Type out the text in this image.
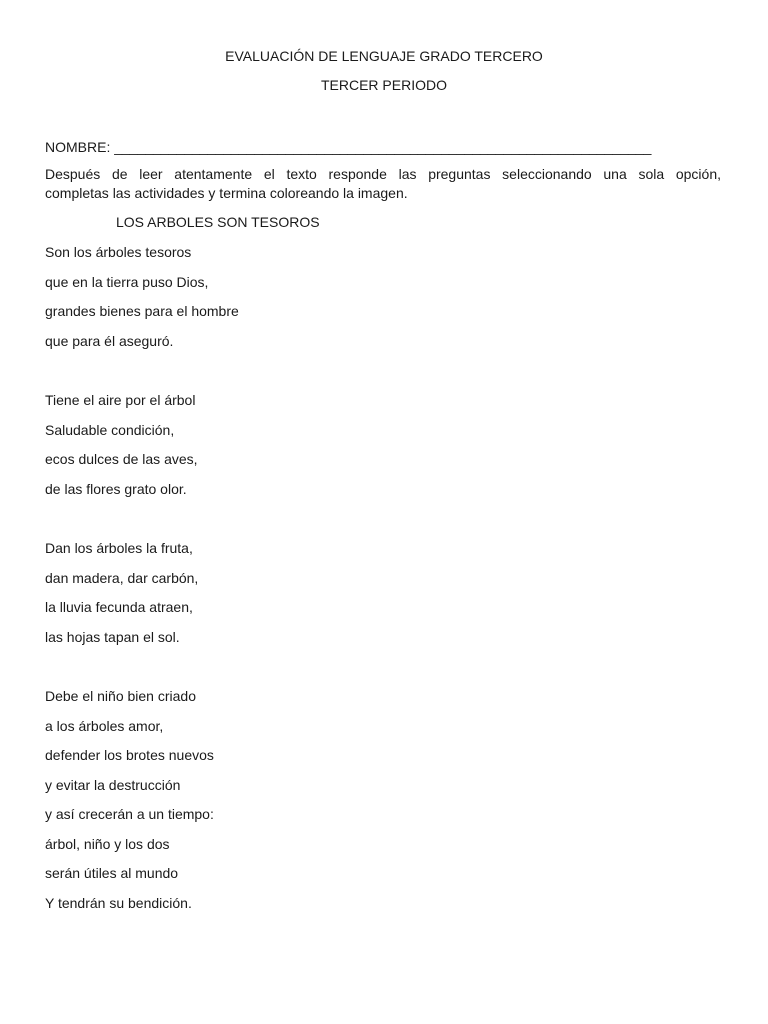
EVALUACIÓN DE LENGUAJE GRADO TERCERO
TERCER PERIODO
NOMBRE: _____________________________________________________________________
Después de leer atentamente el texto responde las preguntas seleccionando una sola opción,
completas las actividades y termina coloreando la imagen.
LOS ARBOLES SON TESOROS
Son los árboles tesoros
que en la tierra puso Dios,
grandes bienes para el hombre
que para él aseguró.
Tiene el aire por el árbol
Saludable condición,
ecos dulces de las aves,
de las flores grato olor.
Dan los árboles la fruta,
dan madera, dar carbón,
la lluvia fecunda atraen,
las hojas tapan el sol.
Debe el niño bien criado
a los árboles amor,
defender los brotes nuevos
y evitar la destrucción
y así crecerán a un tiempo:
árbol, niño y los dos
serán útiles al mundo
Y tendrán su bendición.
